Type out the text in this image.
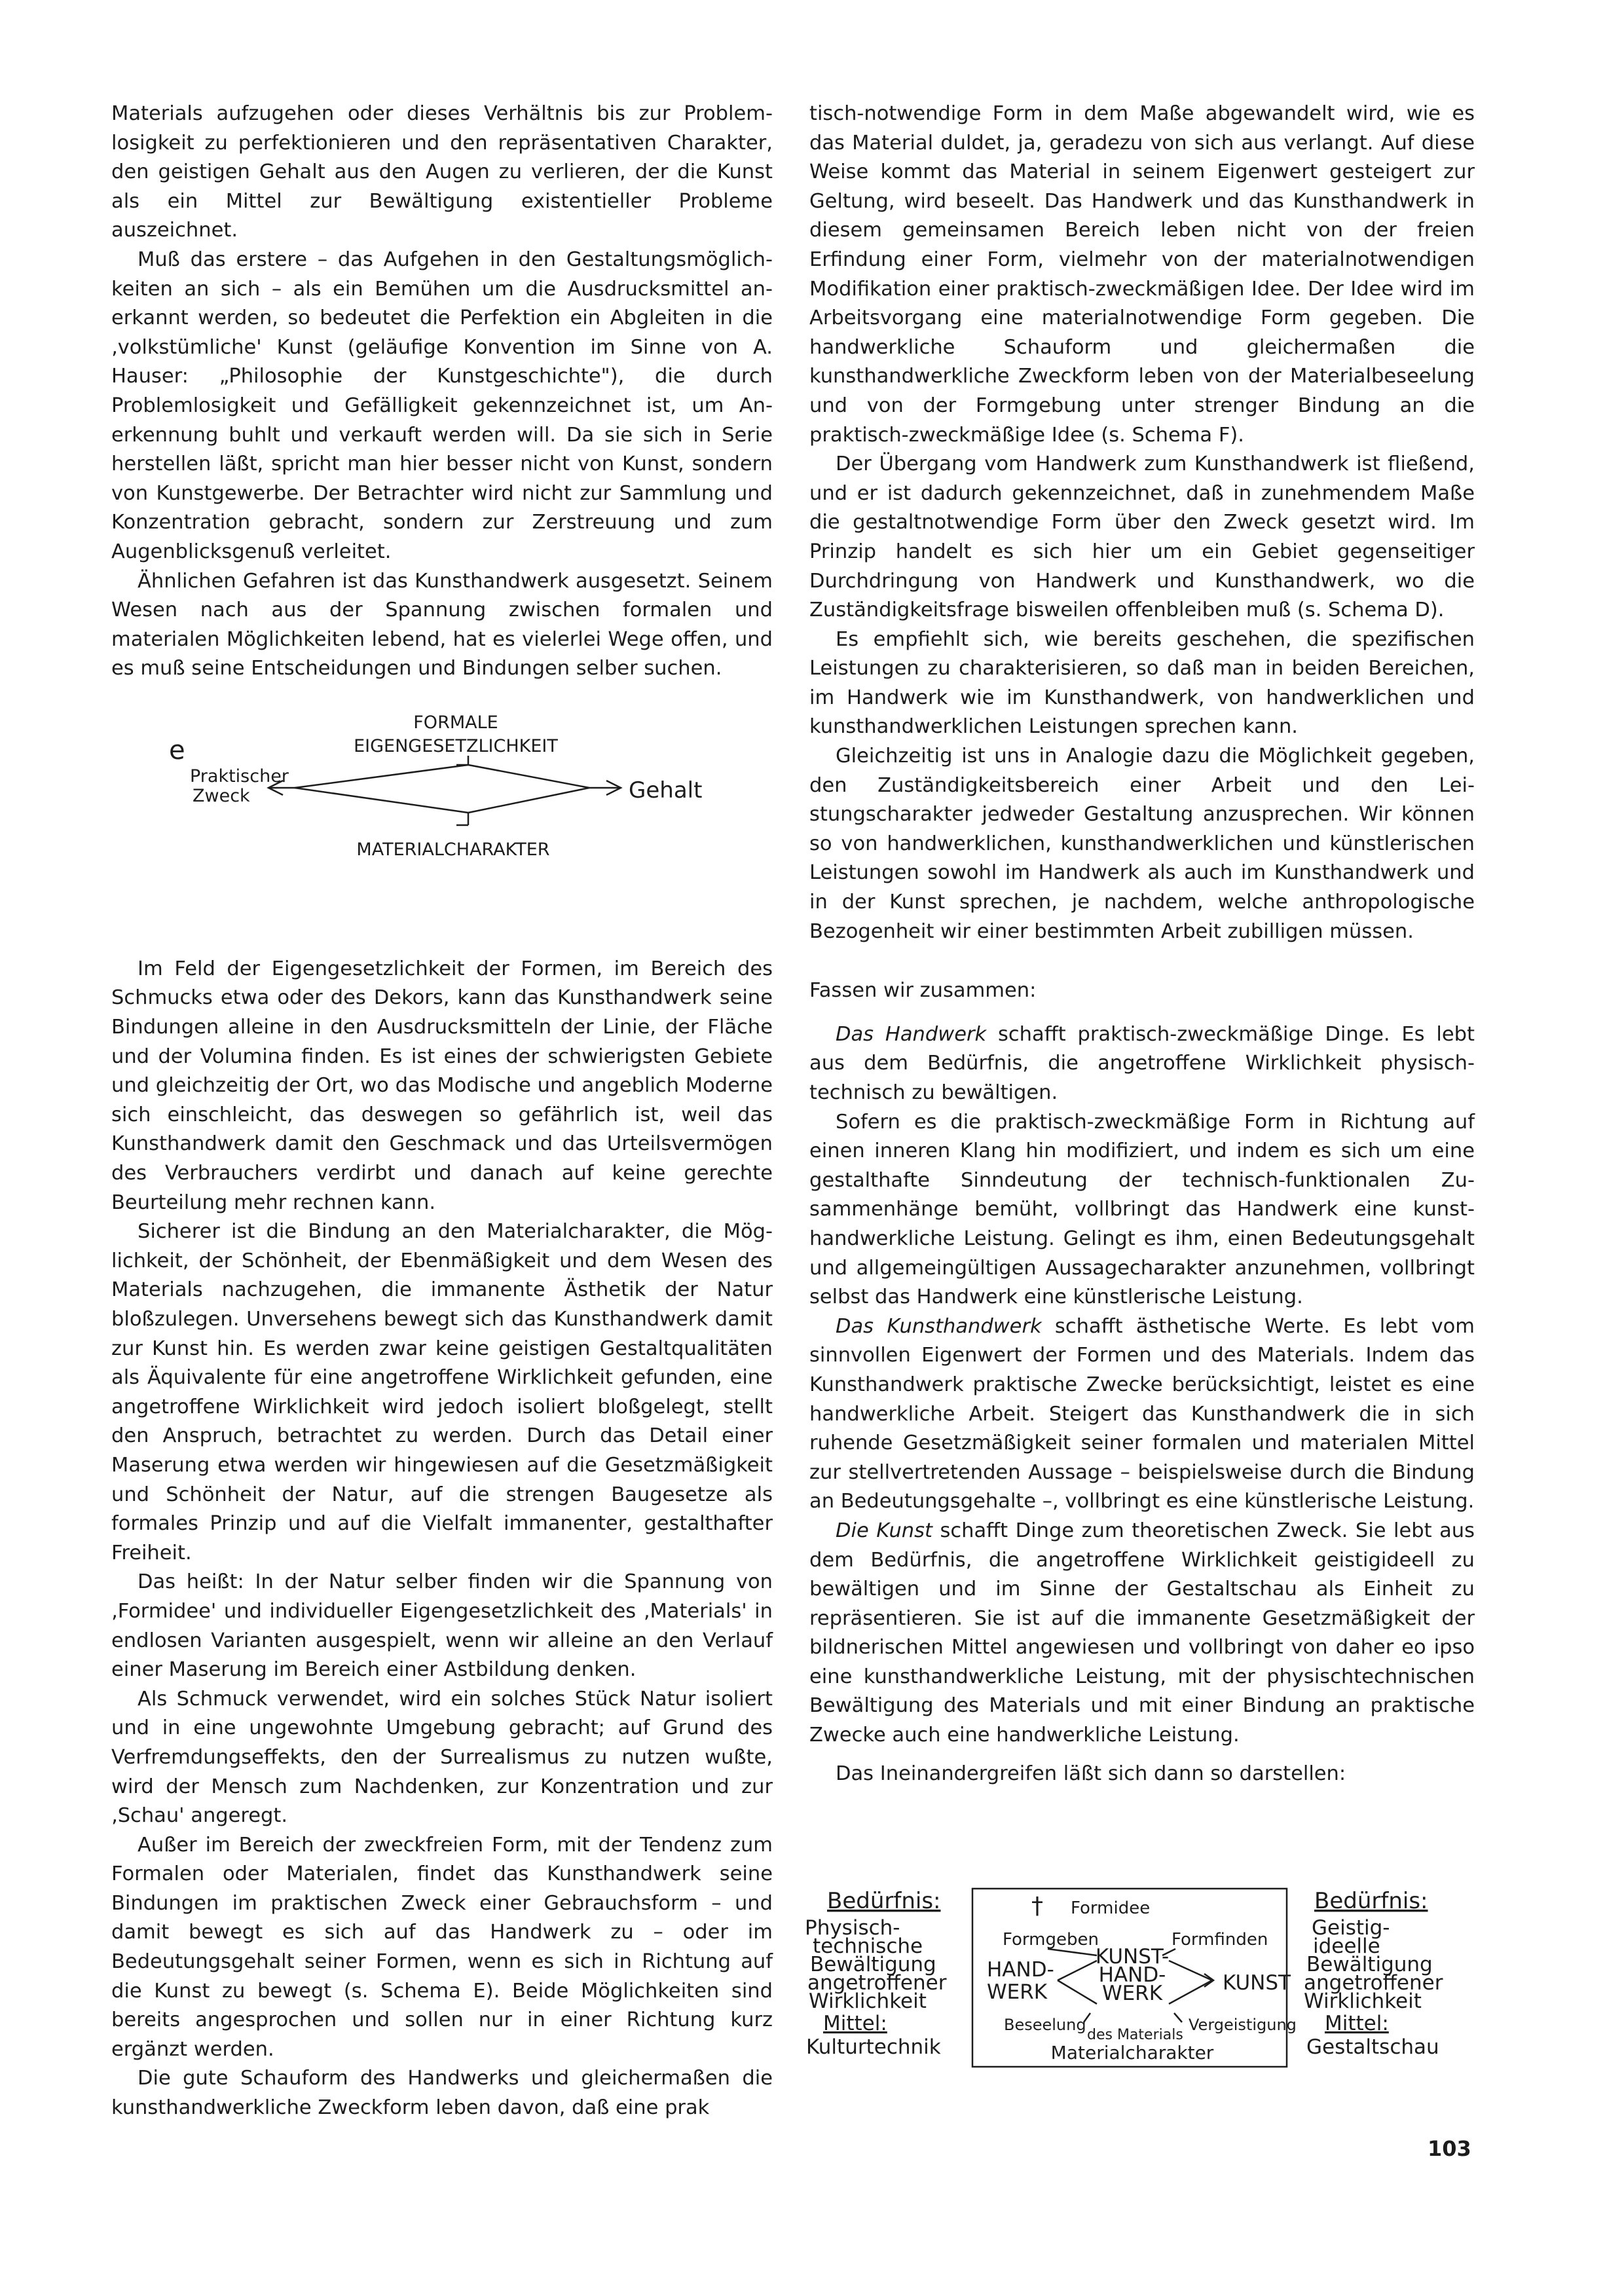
Materials aufzugehen oder dieses Verhältnis bis zur Problemlosigkeit zu perfektionieren und den repräsentativen Charakter, den geistigen Gehalt aus den Augen zu verlieren, der die Kunst als ein Mittel zur Bewältigung existentieller Probleme auszeichnet.

Muß das erstere – das Aufgehen in den Gestaltungsmöglichkeiten an sich – als ein Bemühen um die Ausdrucksmittel anerkannt werden, so bedeutet die Perfektion ein Abgleiten in die ‚volkstümliche' Kunst (geläufige Konvention im Sinne von A. Hauser: „Philosophie der Kunstgeschichte"), die durch Problemlosigkeit und Gefälligkeit gekennzeichnet ist, um Anerkennung buhlt und verkauft werden will. Da sie sich in Serie herstellen läßt, spricht man hier besser nicht von Kunst, sondern von Kunstgewerbe. Der Betrachter wird nicht zur Sammlung und Konzentration gebracht, sondern zur Zerstreuung und zum Augenblicksgenuß verleitet.

Ähnlichen Gefahren ist das Kunsthandwerk ausgesetzt. Seinem Wesen nach aus der Spannung zwischen formalen und materialen Möglichkeiten lebend, hat es vielerlei Wege offen, und es muß seine Entscheidungen und Bindungen selber suchen.

e
FORMALE
EIGENGESETZLICHKEIT
Praktischer
Zweck	Gehalt
MATERIALCHARAKTER

Im Feld der Eigengesetzlichkeit der Formen, im Bereich des Schmucks etwa oder des Dekors, kann das Kunsthandwerk seine Bindungen alleine in den Ausdrucksmitteln der Linie, der Fläche und der Volumina finden. Es ist eines der schwierigsten Gebiete und gleichzeitig der Ort, wo das Modische und angeblich Moderne sich einschleicht, das deswegen so gefährlich ist, weil das Kunsthandwerk damit den Geschmack und das Urteilsvermögen des Verbrauchers verdirbt und danach auf keine gerechte Beurteilung mehr rechnen kann.

Sicherer ist die Bindung an den Materialcharakter, die Möglichkeit, der Schönheit, der Ebenmäßigkeit und dem Wesen des Materials nachzugehen, die immanente Ästhetik der Natur bloßzulegen. Unversehens bewegt sich das Kunsthandwerk damit zur Kunst hin. Es werden zwar keine geistigen Gestaltqualitäten als Äquivalente für eine angetroffene Wirklichkeit gefunden, eine angetroffene Wirklichkeit wird jedoch isoliert bloßgelegt, stellt den Anspruch, betrachtet zu werden. Durch das Detail einer Maserung etwa werden wir hingewiesen auf die Gesetzmäßigkeit und Schönheit der Natur, auf die strengen Baugesetze als formales Prinzip und auf die Vielfalt immanenter, gestalthafter Freiheit.

Das heißt: In der Natur selber finden wir die Spannung von ‚Formidee' und individueller Eigengesetzlichkeit des ‚Materials' in endlosen Varianten ausgespielt, wenn wir alleine an den Verlauf einer Maserung im Bereich einer Astbildung denken.

Als Schmuck verwendet, wird ein solches Stück Natur isoliert und in eine ungewohnte Umgebung gebracht; auf Grund des Verfremdungseffekts, den der Surrealismus zu nutzen wußte, wird der Mensch zum Nachdenken, zur Konzentration und zur ‚Schau' angeregt.

Außer im Bereich der zweckfreien Form, mit der Tendenz zum Formalen oder Materialen, findet das Kunsthandwerk seine Bindungen im praktischen Zweck einer Gebrauchsform – und damit bewegt es sich auf das Handwerk zu – oder im Bedeutungsgehalt seiner Formen, wenn es sich in Richtung auf die Kunst zu bewegt (s. Schema E). Beide Möglichkeiten sind bereits angesprochen und sollen nur in einer Richtung kurz ergänzt werden.

Die gute Schauform des Handwerks und gleichermaßen die kunsthandwerkliche Zweckform leben davon, daß eine prak

tisch-notwendige Form in dem Maße abgewandelt wird, wie es das Material duldet, ja, geradezu von sich aus verlangt. Auf diese Weise kommt das Material in seinem Eigenwert gesteigert zur Geltung, wird beseelt. Das Handwerk und das Kunsthandwerk in diesem gemeinsamen Bereich leben nicht von der freien Erfindung einer Form, vielmehr von der materialnotwendigen Modifikation einer praktisch-zweckmäßigen Idee. Der Idee wird im Arbeitsvorgang eine materialnotwendige Form gegeben. Die handwerkliche Schauform und gleichermaßen die kunsthandwerkliche Zweckform leben von der Materialbeseelung und von der Formgebung unter strenger Bindung an die praktisch-zweckmäßige Idee (s. Schema F).

Der Übergang vom Handwerk zum Kunsthandwerk ist fließend, und er ist dadurch gekennzeichnet, daß in zunehmendem Maße die gestaltnotwendige Form über den Zweck gesetzt wird. Im Prinzip handelt es sich hier um ein Gebiet gegenseitiger Durchdringung von Handwerk und Kunsthandwerk, wo die Zuständigkeitsfrage bisweilen offenbleiben muß (s. Schema D).

Es empfiehlt sich, wie bereits geschehen, die spezifischen Leistungen zu charakterisieren, so daß man in beiden Bereichen, im Handwerk wie im Kunsthandwerk, von handwerklichen und kunsthandwerklichen Leistungen sprechen kann.

Gleichzeitig ist uns in Analogie dazu die Möglichkeit gegeben, den Zuständigkeitsbereich einer Arbeit und den Leistungscharakter jedweder Gestaltung anzusprechen. Wir können so von handwerklichen, kunsthandwerklichen und künstlerischen Leistungen sowohl im Handwerk als auch im Kunsthandwerk und in der Kunst sprechen, je nachdem, welche anthropologische Bezogenheit wir einer bestimmten Arbeit zubilligen müssen.

Fassen wir zusammen:

Das Handwerk schafft praktisch-zweckmäßige Dinge. Es lebt aus dem Bedürfnis, die angetroffene Wirklichkeit physisch-technisch zu bewältigen.

Sofern es die praktisch-zweckmäßige Form in Richtung auf einen inneren Klang hin modifiziert, und indem es sich um eine gestalthafte Sinndeutung der technisch-funktionalen Zusammenhänge bemüht, vollbringt das Handwerk eine kunsthandwerkliche Leistung. Gelingt es ihm, einen Bedeutungsgehalt und allgemeingültigen Aussagecharakter anzunehmen, vollbringt selbst das Handwerk eine künstlerische Leistung.

Das Kunsthandwerk schafft ästhetische Werte. Es lebt vom sinnvollen Eigenwert der Formen und des Materials. Indem das Kunsthandwerk praktische Zwecke berücksichtigt, leistet es eine handwerkliche Arbeit. Steigert das Kunsthandwerk die in sich ruhende Gesetzmäßigkeit seiner formalen und materialen Mittel zur stellvertretenden Aussage – beispielsweise durch die Bindung an Bedeutungsgehalte –, vollbringt es eine künstlerische Leistung.

Die Kunst schafft Dinge zum theoretischen Zweck. Sie lebt aus dem Bedürfnis, die angetroffene Wirklichkeit geistigideell zu bewältigen und im Sinne der Gestaltschau als Einheit zu repräsentieren. Sie ist auf die immanente Gesetzmäßigkeit der bildnerischen Mittel angewiesen und vollbringt von daher eo ipso eine kunsthandwerkliche Leistung, mit der physischtechnischen Bewältigung des Materials und mit einer Bindung an praktische Zwecke auch eine handwerkliche Leistung.

Das Ineinandergreifen läßt sich dann so darstellen:

Bedürfnis:
Physisch-
technische
Bewältigung
angetroffener
Wirklichkeit
Mittel:
Kulturtechnik
† Formidee
Formgeben	Formfinden
HAND-
WERK
KUNST-
HAND-
WERK	KUNST
Beseelung
des Materials
Vergeistigung
Materialcharakter
Bedürfnis:
Geistig-
ideelle
Bewältigung
angetroffener
Wirklichkeit
Mittel:
Gestaltschau
103
